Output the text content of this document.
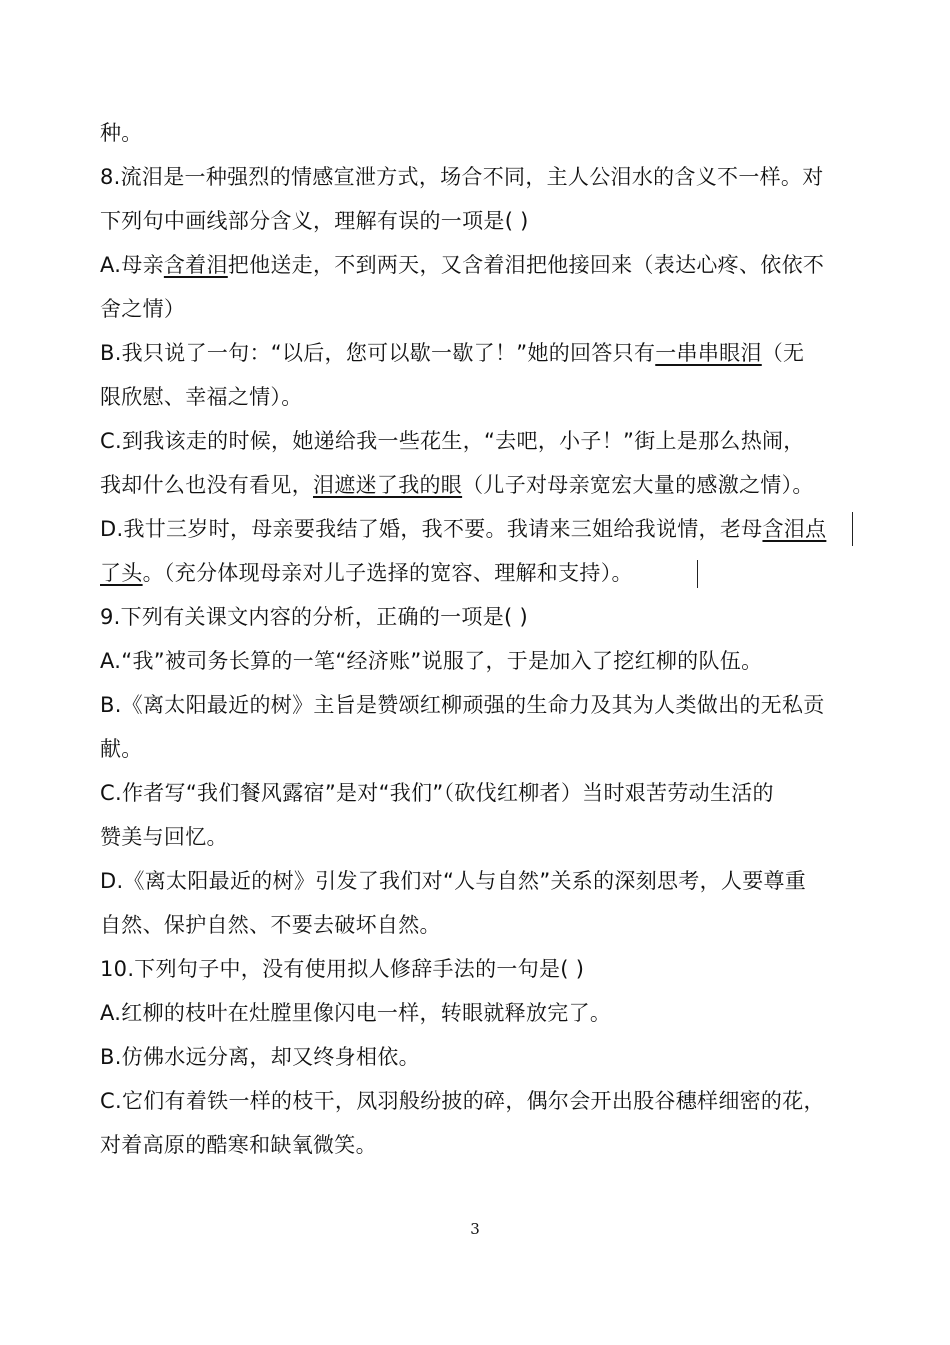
种。
8.流泪是一种强烈的情感宣泄方式，场合不同，主人公泪水的含义不一样。对
下列句中画线部分含义，理解有误的一项是( )
A.母亲含着泪把他送走，不到两天，又含着泪把他接回来（表达心疼、依依不
舍之情）
B.我只说了一句：“以后，您可以歇一歇了！”她的回答只有一串串眼泪（无
限欣慰、幸福之情）。
C.到我该走的时候，她递给我一些花生，“去吧，小子！”街上是那么热闹，
我却什么也没有看见，泪遮迷了我的眼（儿子对母亲宽宏大量的感激之情）。
D.我廿三岁时，母亲要我结了婚，我不要。我请来三姐给我说情，老母含泪点
了头。（充分体现母亲对儿子选择的宽容、理解和支持）。
9.下列有关课文内容的分析，正确的一项是( )
A.“我”被司务长算的一笔“经济账”说服了，于是加入了挖红柳的队伍。
B.《离太阳最近的树》主旨是赞颂红柳顽强的生命力及其为人类做出的无私贡
献。
C.作者写“我们餐风露宿”是对“我们”（砍伐红柳者）当时艰苦劳动生活的
赞美与回忆。
D.《离太阳最近的树》引发了我们对“人与自然”关系的深刻思考，人要尊重
自然、保护自然、不要去破坏自然。
10.下列句子中，没有使用拟人修辞手法的一句是( )
A.红柳的枝叶在灶膛里像闪电一样，转眼就释放完了。
B.仿佛水远分离，却又终身相依。
C.它们有着铁一样的枝干，凤羽般纷披的碎，偶尔会开出股谷穗样细密的花，
对着高原的酷寒和缺氧微笑。
3
